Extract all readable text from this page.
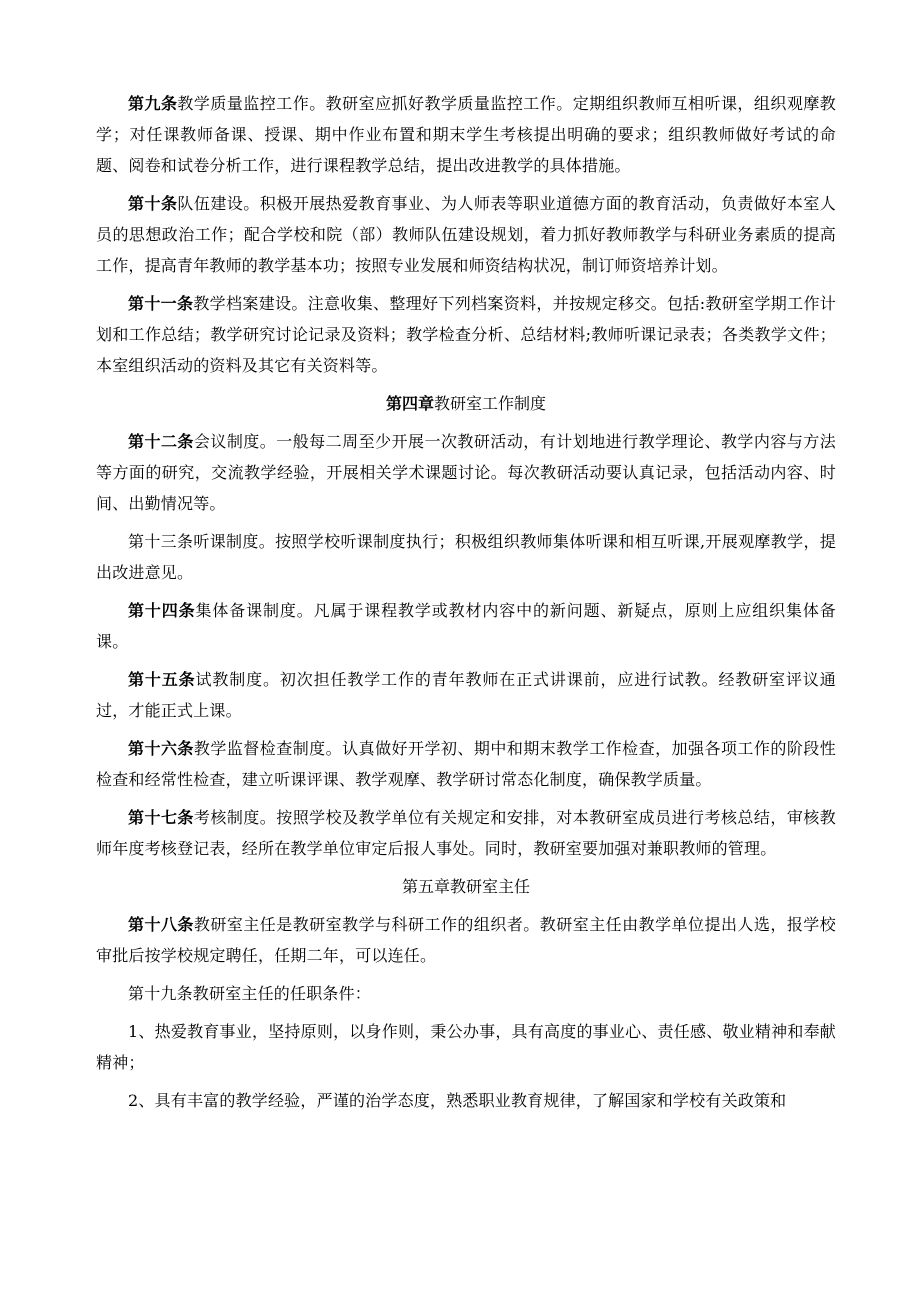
第九条教学质量监控工作。教研室应抓好教学质量监控工作。定期组织教师互相听课，组织观摩教学；对任课教师备课、授课、期中作业布置和期末学生考核提出明确的要求；组织教师做好考试的命题、阅卷和试卷分析工作，进行课程教学总结，提出改进教学的具体措施。

第十条队伍建设。积极开展热爱教育事业、为人师表等职业道德方面的教育活动，负责做好本室人员的思想政治工作；配合学校和院（部）教师队伍建设规划，着力抓好教师教学与科研业务素质的提高工作，提高青年教师的教学基本功；按照专业发展和师资结构状况，制订师资培养计划。

第十一条教学档案建设。注意收集、整理好下列档案资料，并按规定移交。包括:教研室学期工作计划和工作总结；教学研究讨论记录及资料；教学检查分析、总结材料;教师听课记录表；各类教学文件；本室组织活动的资料及其它有关资料等。

第四章教研室工作制度

第十二条会议制度。一般每二周至少开展一次教研活动，有计划地进行教学理论、教学内容与方法等方面的研究，交流教学经验，开展相关学术课题讨论。每次教研活动要认真记录，包括活动内容、时间、出勤情况等。

第十三条听课制度。按照学校听课制度执行；积极组织教师集体听课和相互听课,开展观摩教学，提出改进意见。

第十四条集体备课制度。凡属于课程教学或教材内容中的新问题、新疑点，原则上应组织集体备课。

第十五条试教制度。初次担任教学工作的青年教师在正式讲课前，应进行试教。经教研室评议通过，才能正式上课。

第十六条教学监督检查制度。认真做好开学初、期中和期末教学工作检查，加强各项工作的阶段性检查和经常性检查，建立听课评课、教学观摩、教学研讨常态化制度，确保教学质量。

第十七条考核制度。按照学校及教学单位有关规定和安排，对本教研室成员进行考核总结，审核教师年度考核登记表，经所在教学单位审定后报人事处。同时，教研室要加强对兼职教师的管理。

第五章教研室主任

第十八条教研室主任是教研室教学与科研工作的组织者。教研室主任由教学单位提出人选，报学校审批后按学校规定聘任，任期二年，可以连任。

第十九条教研室主任的任职条件：

1、热爱教育事业，坚持原则，以身作则，秉公办事，具有高度的事业心、责任感、敬业精神和奉献精神；

2、具有丰富的教学经验，严谨的治学态度，熟悉职业教育规律，了解国家和学校有关政策和
